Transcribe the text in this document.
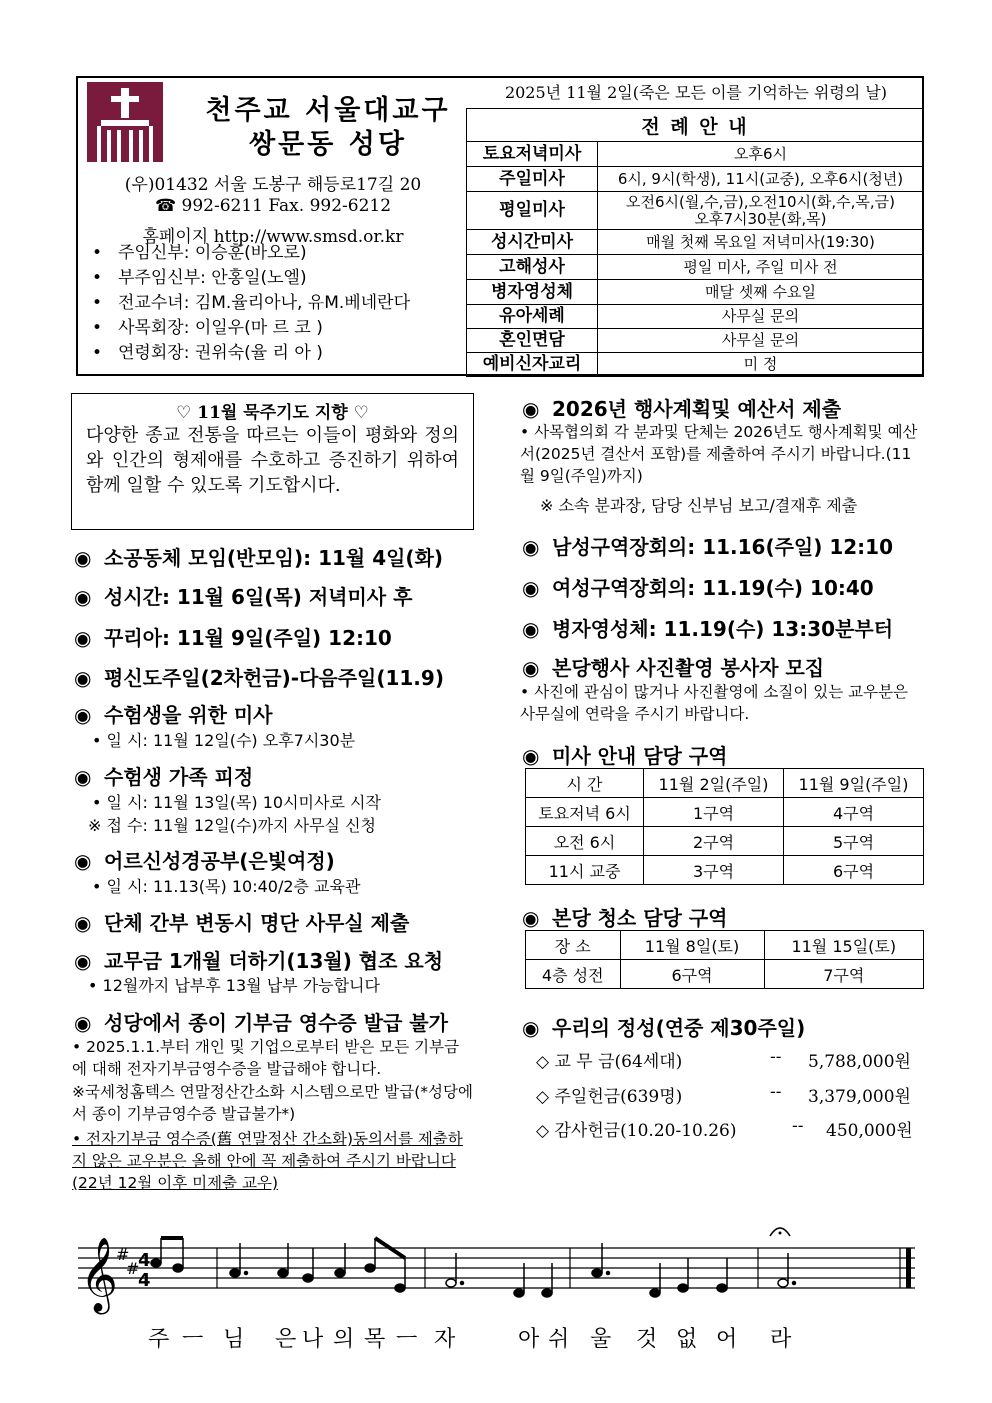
천주교 서울대교구
쌍문동 성당
(우)01432 서울 도봉구 해등로17길 20
☎ 992-6211 Fax. 992-6212
홈페이지 http://www.smsd.or.kr
• 주임신부: 이승훈(바오로)
• 부주임신부: 안홍일(노엘)
• 전교수녀: 김M.율리아나, 유M.베네란다
• 사목회장: 이일우(마 르 코 )
• 연령회장: 권위숙(율 리 아 )
2025년 11월 2일(죽은 모든 이를 기억하는 위령의 날)
전 례 안 내	
토요저녁미사	오후6시
주일미사	6시, 9시(학생), 11시(교중), 오후6시(청년)
평일미사	오전6시(월,수,금),오전10시(화,수,목,금)
오후7시30분(화,목)

성시간미사	매월 첫째 목요일 저녁미사(19:30)
고해성사	평일 미사, 주일 미사 전
병자영성체	매달 셋째 수요일
유아세례	사무실 문의
혼인면담	사무실 문의
예비신자교리	미 정
♡ 11월 묵주기도 지향 ♡
다양한 종교 전통을 따르는 이들이 평화와 정의와 인간의 형제애를 수호하고 증진하기 위하여 함께 일할 수 있도록 기도합시다.
◉ 소공동체 모임(반모임): 11월 4일(화)
◉ 성시간: 11월 6일(목) 저녁미사 후
◉ 꾸리아: 11월 9일(주일) 12:10
◉ 평신도주일(2차헌금)-다음주일(11.9)
◉ 수험생을 위한 미사
• 일 시: 11월 12일(수) 오후7시30분
◉ 수험생 가족 피정
• 일 시: 11월 13일(목) 10시미사로 시작
※ 접 수: 11월 12일(수)까지 사무실 신청
◉ 어르신성경공부(은빛여정)
• 일 시: 11.13(목) 10:40/2층 교육관
◉ 단체 간부 변동시 명단 사무실 제출
◉ 교무금 1개월 더하기(13월) 협조 요청
• 12월까지 납부후 13월 납부 가능합니다
◉ 성당에서 종이 기부금 영수증 발급 불가
• 2025.1.1.부터 개인 및 기업으로부터 받은 모든 기부금에 대해 전자기부금영수증을 발급해야 합니다.
※국세청홈텍스 연말정산간소화 시스템으로만 발급(*성당에서 종이 기부금영수증 발급불가*)
• 전자기부금 영수증(舊 연말정산 간소화)동의서를 제출하지 않은 교우분은 올해 안에 꼭 제출하여 주시기 바랍니다(22년 12월 이후 미제출 교우)
◉ 2026년 행사계획및 예산서 제출
• 사목협의회 각 분과및 단체는 2026년도 행사계획및 예산서(2025년 결산서 포함)를 제출하여 주시기 바랍니다.(11월 9일(주일)까지)
※ 소속 분과장, 담당 신부님 보고/결재후 제출
◉ 남성구역장회의: 11.16(주일) 12:10
◉ 여성구역장회의: 11.19(수) 10:40
◉ 병자영성체: 11.19(수) 13:30분부터
◉ 본당행사 사진촬영 봉사자 모집
• 사진에 관심이 많거나 사진촬영에 소질이 있는 교우분은 사무실에 연락을 주시기 바랍니다.
◉ 미사 안내 담당 구역
시 간	11월 2일(주일)	11월 9일(주일)
토요저녁 6시	1구역	4구역
오전 6시	2구역	5구역
11시 교중	3구역	6구역
◉ 본당 청소 담당 구역
장 소	11월 8일(토)	11월 15일(토)
4층 성전	6구역	7구역
◉ 우리의 정성(연중 제30주일)
◇ 교 무 금(64세대)	-- 5,788,000원
◇ 주일헌금(639명)	-- 3,379,000원
◇ 감사헌금(10.20-10.26)	-- 450,000원
𝄞
#
#
4
4
주 ㅡ 님 은 나 의 목 ㅡ 자	아 쉬 울 것 없 어 라
